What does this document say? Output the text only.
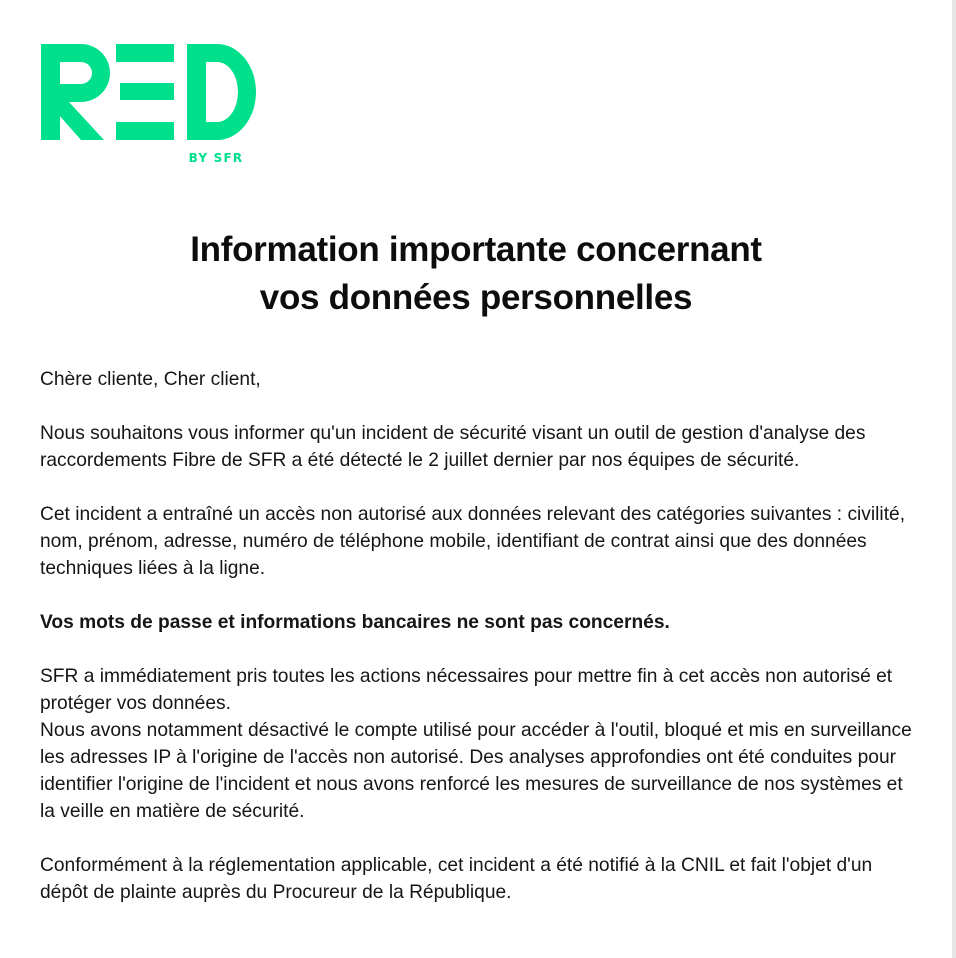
BY SFR
Information importante concernant
vos données personnelles

Chère cliente, Cher client,

Nous souhaitons vous informer qu'un incident de sécurité visant un outil de gestion d'analyse des raccordements Fibre de SFR a été détecté le 2 juillet dernier par nos équipes de sécurité.

Cet incident a entraîné un accès non autorisé aux données relevant des catégories suivantes : civilité, nom, prénom, adresse, numéro de téléphone mobile, identifiant de contrat ainsi que des données techniques liées à la ligne.

Vos mots de passe et informations bancaires ne sont pas concernés.

SFR a immédiatement pris toutes les actions nécessaires pour mettre fin à cet accès non autorisé et protéger vos données.

Nous avons notamment désactivé le compte utilisé pour accéder à l'outil, bloqué et mis en surveillance les adresses IP à l'origine de l'accès non autorisé. Des analyses approfondies ont été conduites pour identifier l'origine de l'incident et nous avons renforcé les mesures de surveillance de nos systèmes et la veille en matière de sécurité.

Conformément à la réglementation applicable, cet incident a été notifié à la CNIL et fait l'objet d'un dépôt de plainte auprès du Procureur de la République.
